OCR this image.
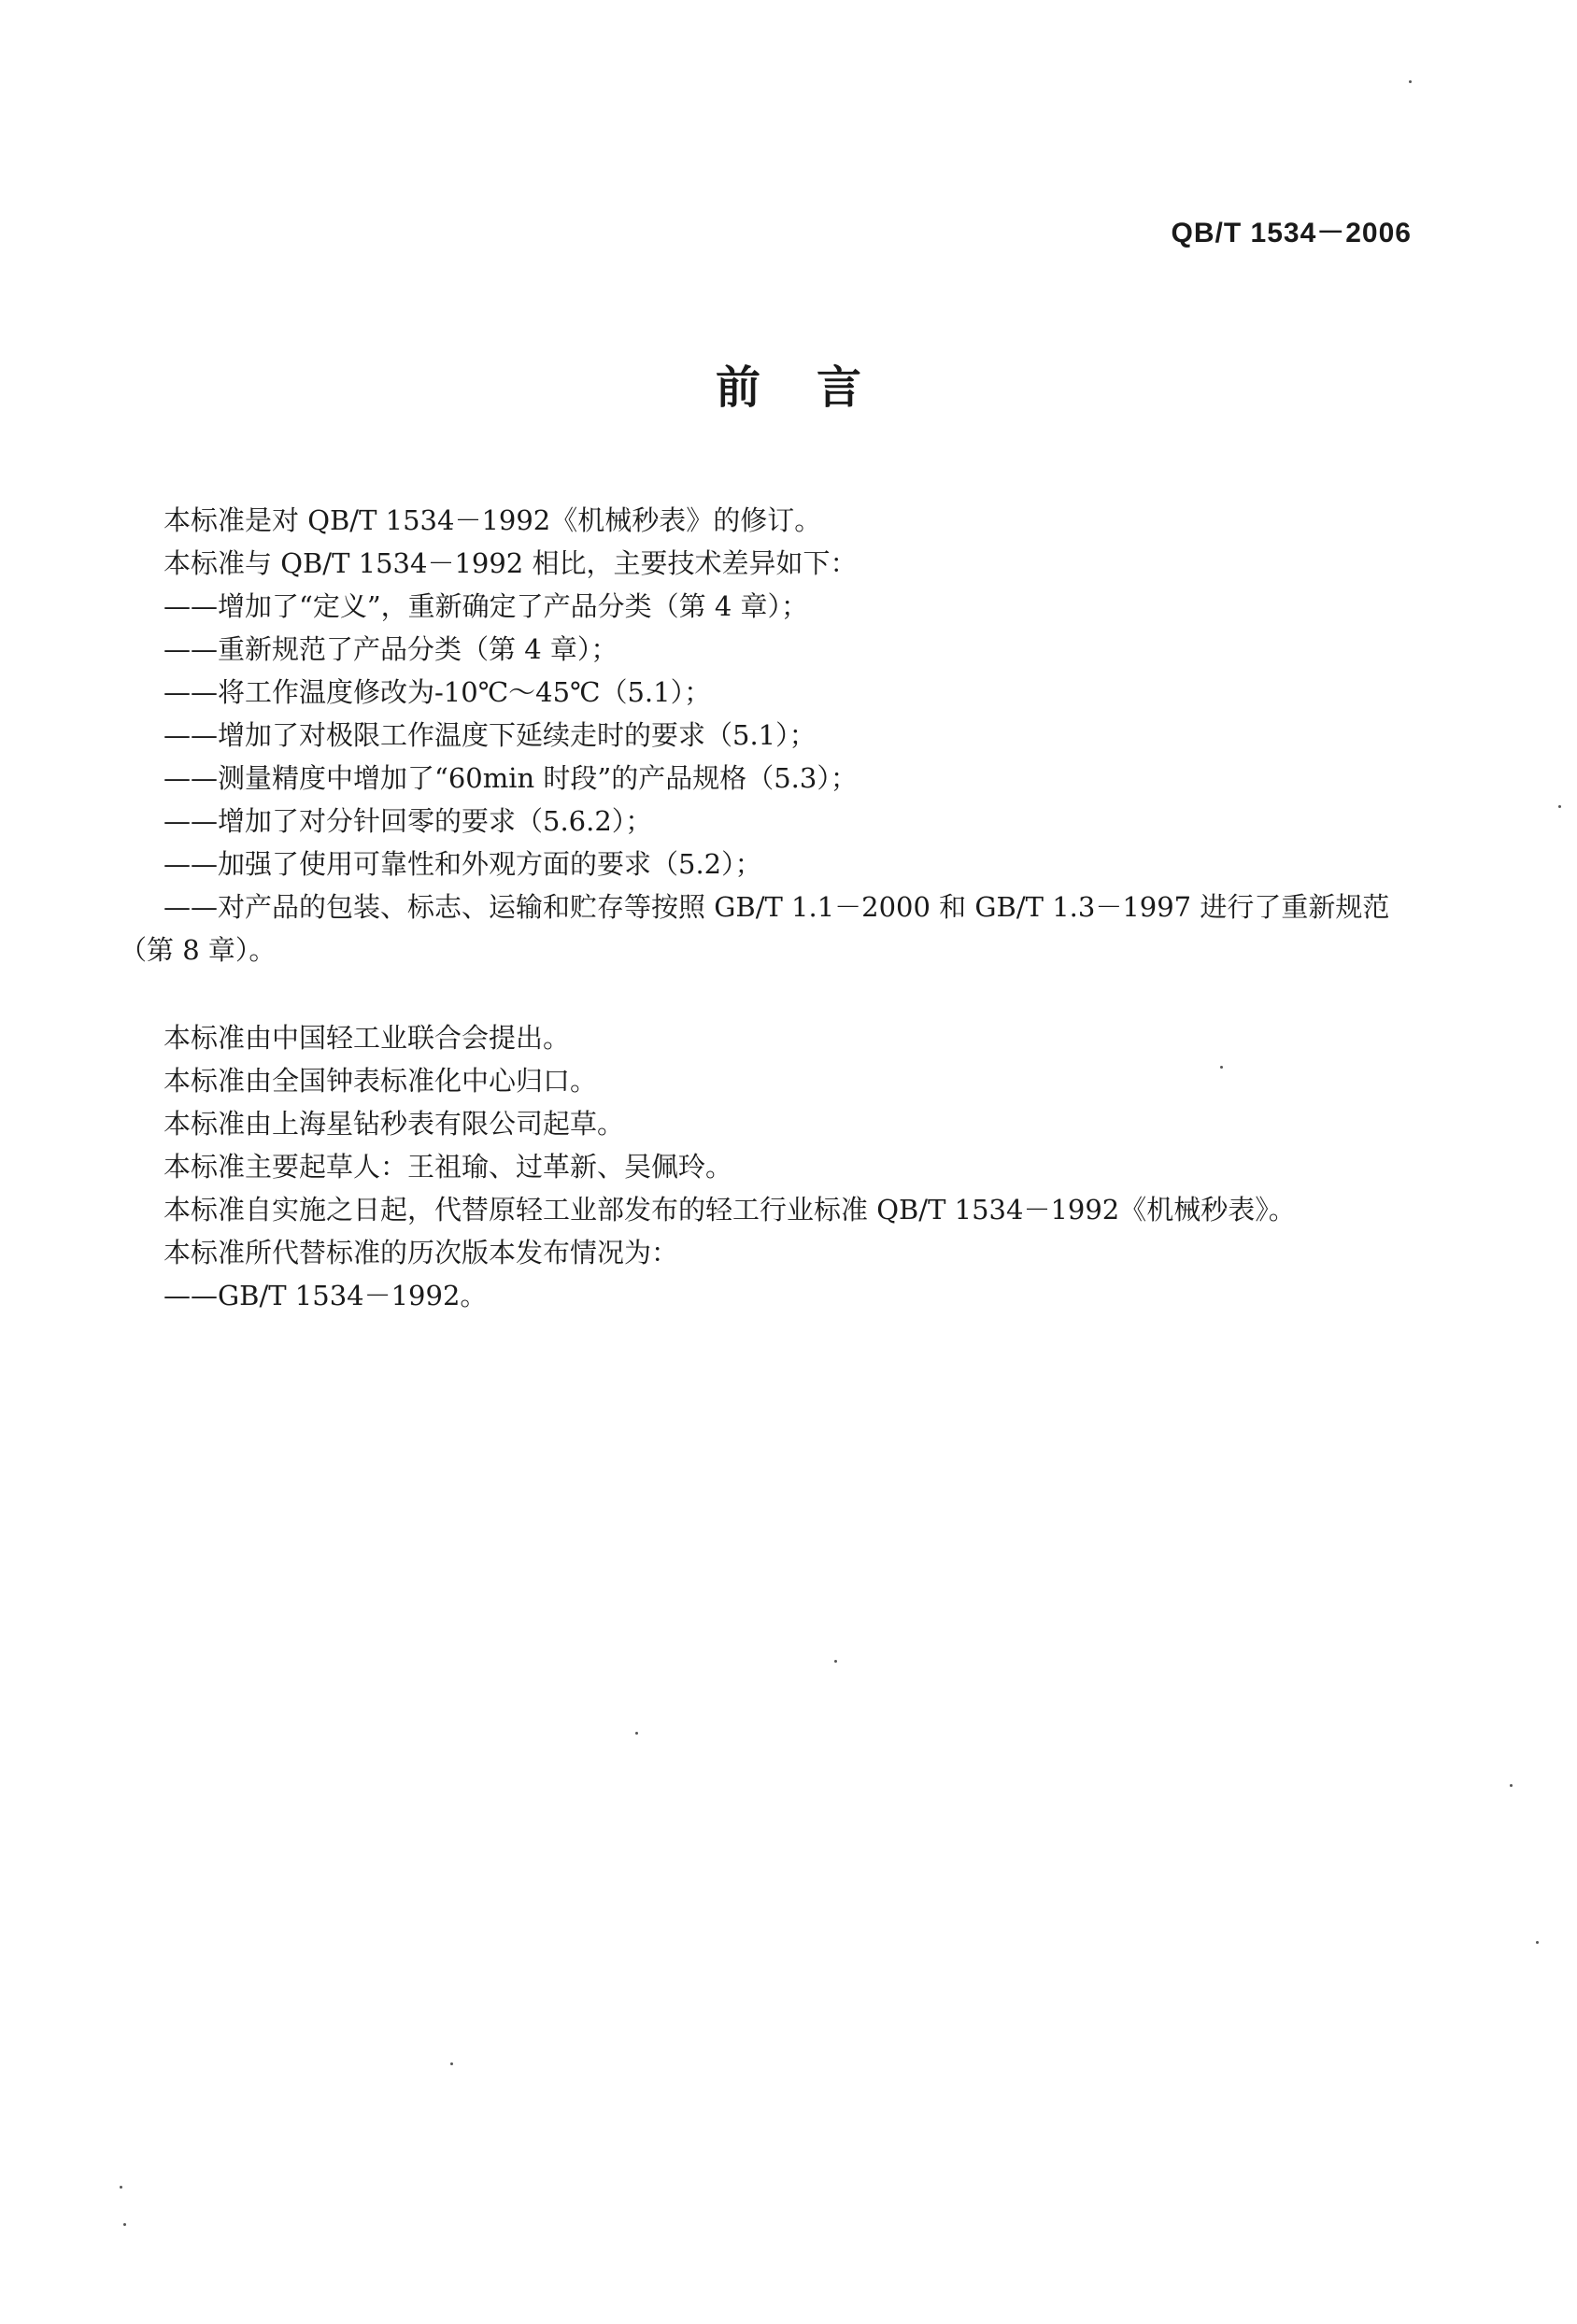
QB/T 1534－2006
前言
本标准是对 QB/T 1534－1992《机械秒表》的修订。
本标准与 QB/T 1534－1992 相比，主要技术差异如下：
——增加了“定义”，重新确定了产品分类（第 4 章）；
——重新规范了产品分类（第 4 章）；
——将工作温度修改为-10℃～45℃（5.1）；
——增加了对极限工作温度下延续走时的要求（5.1）；
——测量精度中增加了“60min 时段”的产品规格（5.3）；
——增加了对分针回零的要求（5.6.2）；
——加强了使用可靠性和外观方面的要求（5.2）；
——对产品的包装、标志、运输和贮存等按照 GB/T 1.1－2000 和 GB/T 1.3－1997 进行了重新规范（第 8 章）。
本标准由中国轻工业联合会提出。
本标准由全国钟表标准化中心归口。
本标准由上海星钻秒表有限公司起草。
本标准主要起草人：王祖瑜、过革新、吴佩玲。
本标准自实施之日起，代替原轻工业部发布的轻工行业标准 QB/T 1534－1992《机械秒表》。
本标准所代替标准的历次版本发布情况为：
——GB/T 1534－1992。
